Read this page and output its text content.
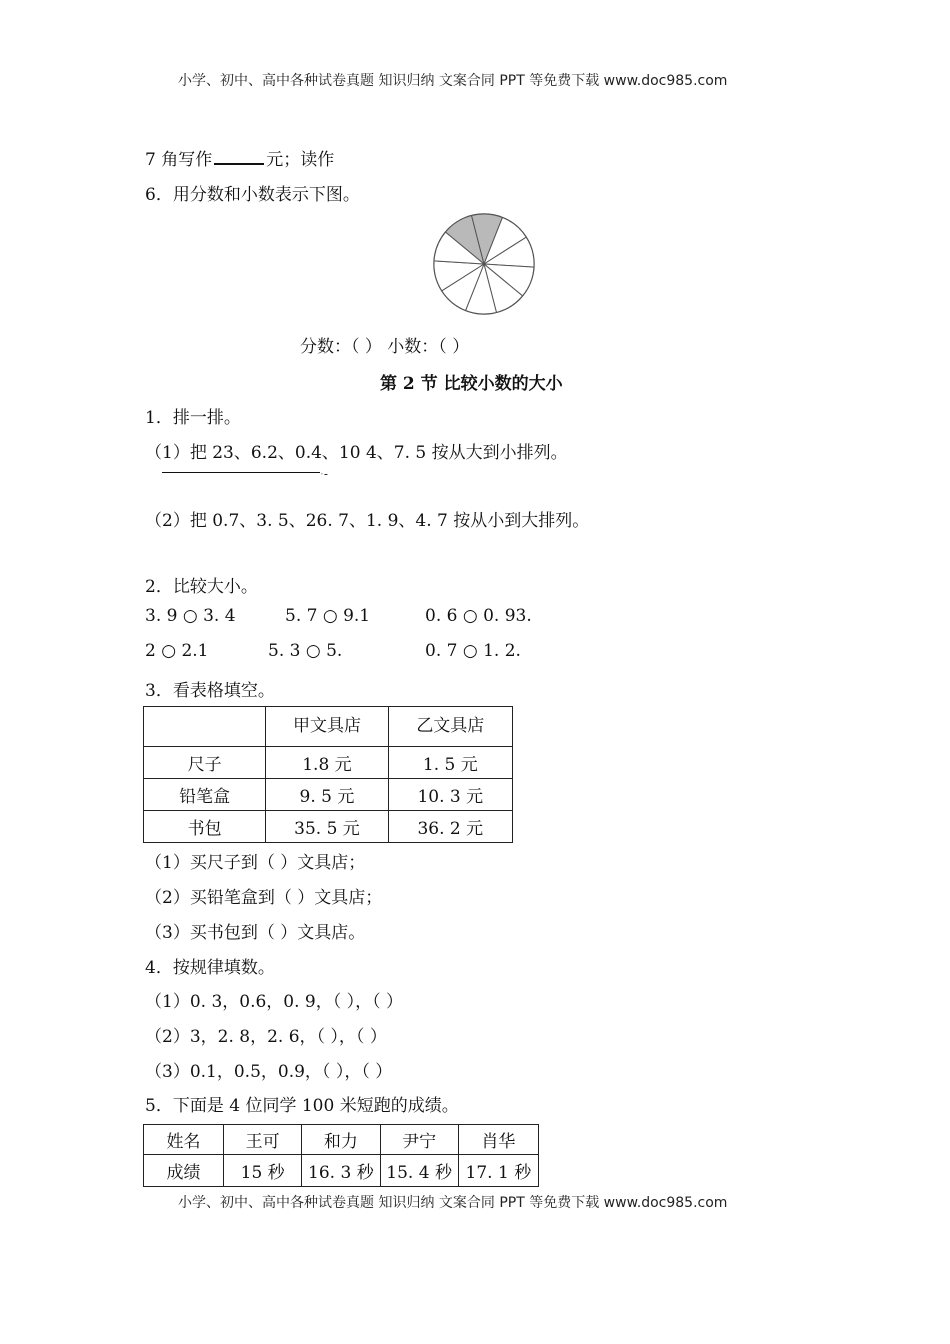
小学、初中、高中各种试卷真题 知识归纳 文案合同 PPT 等免费下载 www.doc985.com
7 角写作	元；读作
6．用分数和小数表示下图。
分数：（ ） 小数：（ ）
第 2 节 比较小数的大小
1．排一排。
（1）把 23、6.2、0.4、10 4、7. 5 按从大到小排列。
·-
（2）把 0.7、3. 5、26. 7、1. 9、4. 7 按从小到大排列。
2．比较大小。
3. 9 ○ 3. 4	5. 7 ○ 9.1	0. 6 ○ 0. 93.
2 ○ 2.1	5. 3 ○ 5.	0. 7 ○ 1. 2.
3．看表格填空。
	甲文具店	乙文具店
尺子	1.8 元	1. 5 元
铅笔盒	9. 5 元	10. 3 元
书包	35. 5 元	36. 2 元
（1）买尺子到（ ）文具店；
（2）买铅笔盒到（ ）文具店；
（3）买书包到（ ）文具店。
4．按规律填数。
（1）0. 3，0.6，0. 9，（ ），（ ）
（2）3，2. 8，2. 6，（ ），（ ）
（3）0.1，0.5，0.9，（ ），（ ）
5．下面是 4 位同学 100 米短跑的成绩。
姓名	王可	和力	尹宁	肖华
成绩	15 秒	16. 3 秒	15. 4 秒	17. 1 秒
小学、初中、高中各种试卷真题 知识归纳 文案合同 PPT 等免费下载 www.doc985.com
